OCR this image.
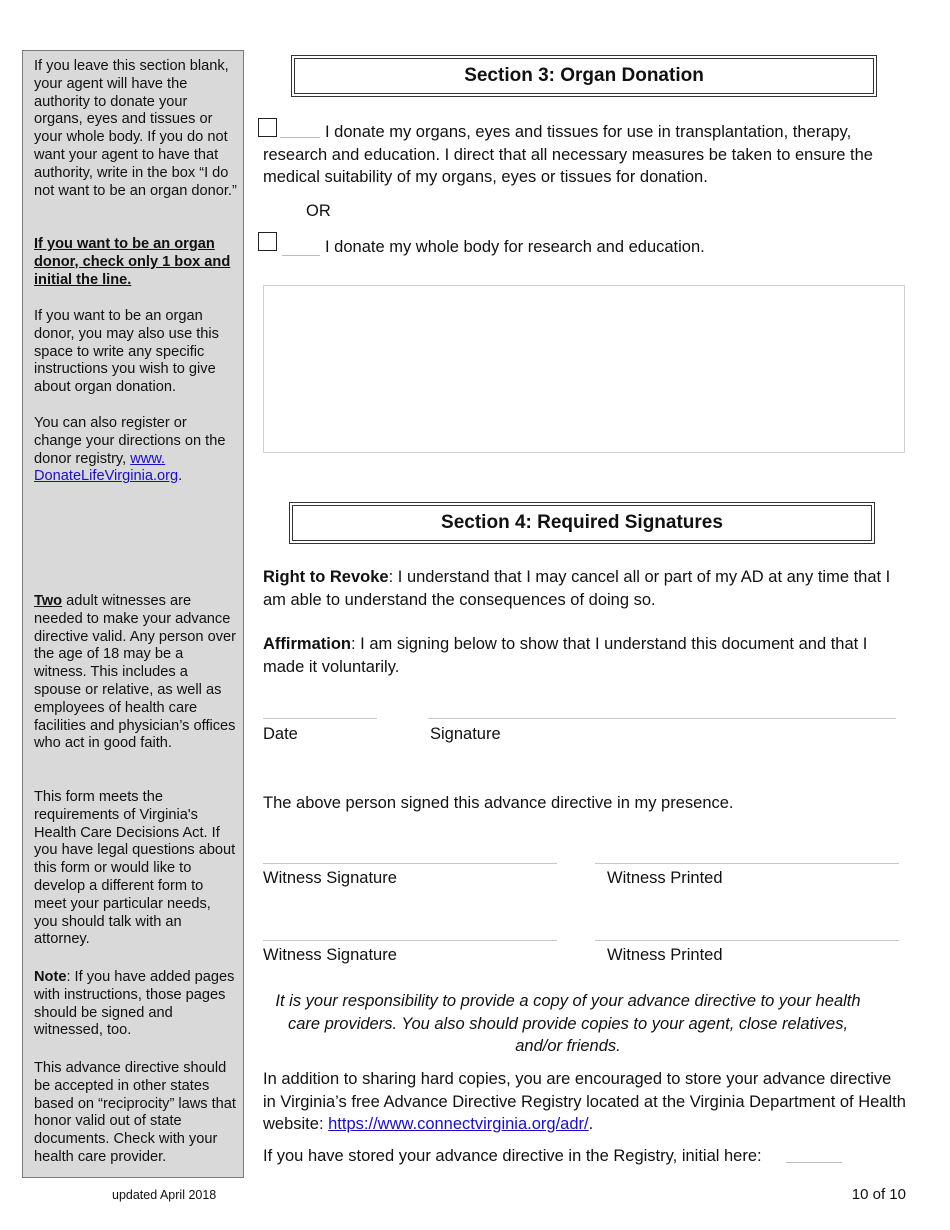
If you leave this section blank, your agent will have the authority to donate your organs, eyes and tissues or your whole body. If you do not want your agent to have that authority, write in the box “I do not want to be an organ donor.”

If you want to be an organ donor, check only 1 box and initial the line.

If you want to be an organ donor, you may also use this space to write any specific instructions you wish to give about organ donation.

You can also register or change your directions on the donor registry, www.
DonateLifeVirginia.org.

Two adult witnesses are needed to make your advance directive valid. Any person over the age of 18 may be a witness. This includes a spouse or relative, as well as employees of health care facilities and physician’s offices who act in good faith.

This form meets the requirements of Virginia's Health Care Decisions Act. If you have legal questions about this form or would like to develop a different form to meet your particular needs, you should talk with an attorney.

Note: If you have added pages with instructions, those pages should be signed and witnessed, too.

This advance directive should be accepted in other states based on “reciprocity” laws that honor valid out of state documents. Check with your health care provider.

Section 3: Organ Donation
I donate my organs, eyes and tissues for use in transplantation, therapy, research and education. I direct that all necessary measures be taken to ensure the medical suitability of my organs, eyes or tissues for donation.
OR
I donate my whole body for research and education.
Section 4: Required Signatures
Right to Revoke: I understand that I may cancel all or part of my AD at any time that I am able to understand the consequences of doing so.
Affirmation: I am signing below to show that I understand this document and that I made it voluntarily.
Date	Signature
The above person signed this advance directive in my presence.
Witness Signature	Witness Printed
Witness Signature	Witness Printed
It is your responsibility to provide a copy of your advance directive to your health care providers. You also should provide copies to your agent, close relatives, and/or friends.
In addition to sharing hard copies, you are encouraged to store your advance directive in Virginia’s free Advance Directive Registry located at the Virginia Department of Health website: https://www.connectvirginia.org/adr/.
If you have stored your advance directive in the Registry, initial here:
updated April 2018	10 of 10
